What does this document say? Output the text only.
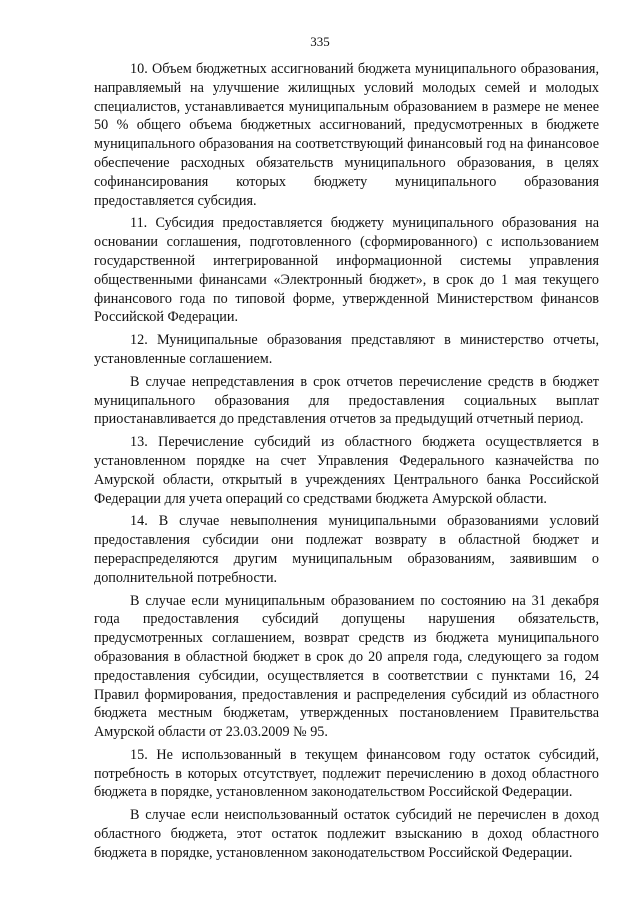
335

10. Объем бюджетных ассигнований бюджета муниципального образования, направляемый на улучшение жилищных условий молодых семей и молодых специалистов, устанавливается муниципальным образованием в размере не менее 50 % общего объема бюджетных ассигнований, предусмотренных в бюджете муниципального образования на соответствующий финансовый год на финансовое обеспечение расходных обязательств муниципального образования, в целях софинансирования которых бюджету муниципального образования предоставляется субсидия.

11. Субсидия предоставляется бюджету муниципального образования на основании соглашения, подготовленного (сформированного) с использованием государственной интегрированной информационной системы управления общественными финансами «Электронный бюджет», в срок до 1 мая текущего финансового года по типовой форме, утвержденной Министерством финансов Российской Федерации.

12. Муниципальные образования представляют в министерство отчеты, установленные соглашением.

В случае непредставления в срок отчетов перечисление средств в бюджет муниципального образования для предоставления социальных выплат приостанавливается до представления отчетов за предыдущий отчетный период.

13. Перечисление субсидий из областного бюджета осуществляется в установленном порядке на счет Управления Федерального казначейства по Амурской области, открытый в учреждениях Центрального банка Российской Федерации для учета операций со средствами бюджета Амурской области.

14. В случае невыполнения муниципальными образованиями условий предоставления субсидии они подлежат возврату в областной бюджет и перераспределяются другим муниципальным образованиям, заявившим о дополнительной потребности.

В случае если муниципальным образованием по состоянию на 31 декабря года предоставления субсидий допущены нарушения обязательств, предусмотренных соглашением, возврат средств из бюджета муниципального образования в областной бюджет в срок до 20 апреля года, следующего за годом предоставления субсидии, осуществляется в соответствии с пунктами 16, 24 Правил формирования, предоставления и распределения субсидий из областного бюджета местным бюджетам, утвержденных постановлением Правительства Амурской области от 23.03.2009 № 95.

15. Не использованный в текущем финансовом году остаток субсидий, потребность в которых отсутствует, подлежит перечислению в доход областного бюджета в порядке, установленном законодательством Российской Федерации.

В случае если неиспользованный остаток субсидий не перечислен в доход областного бюджета, этот остаток подлежит взысканию в доход областного бюджета в порядке, установленном законодательством Российской Федерации.
